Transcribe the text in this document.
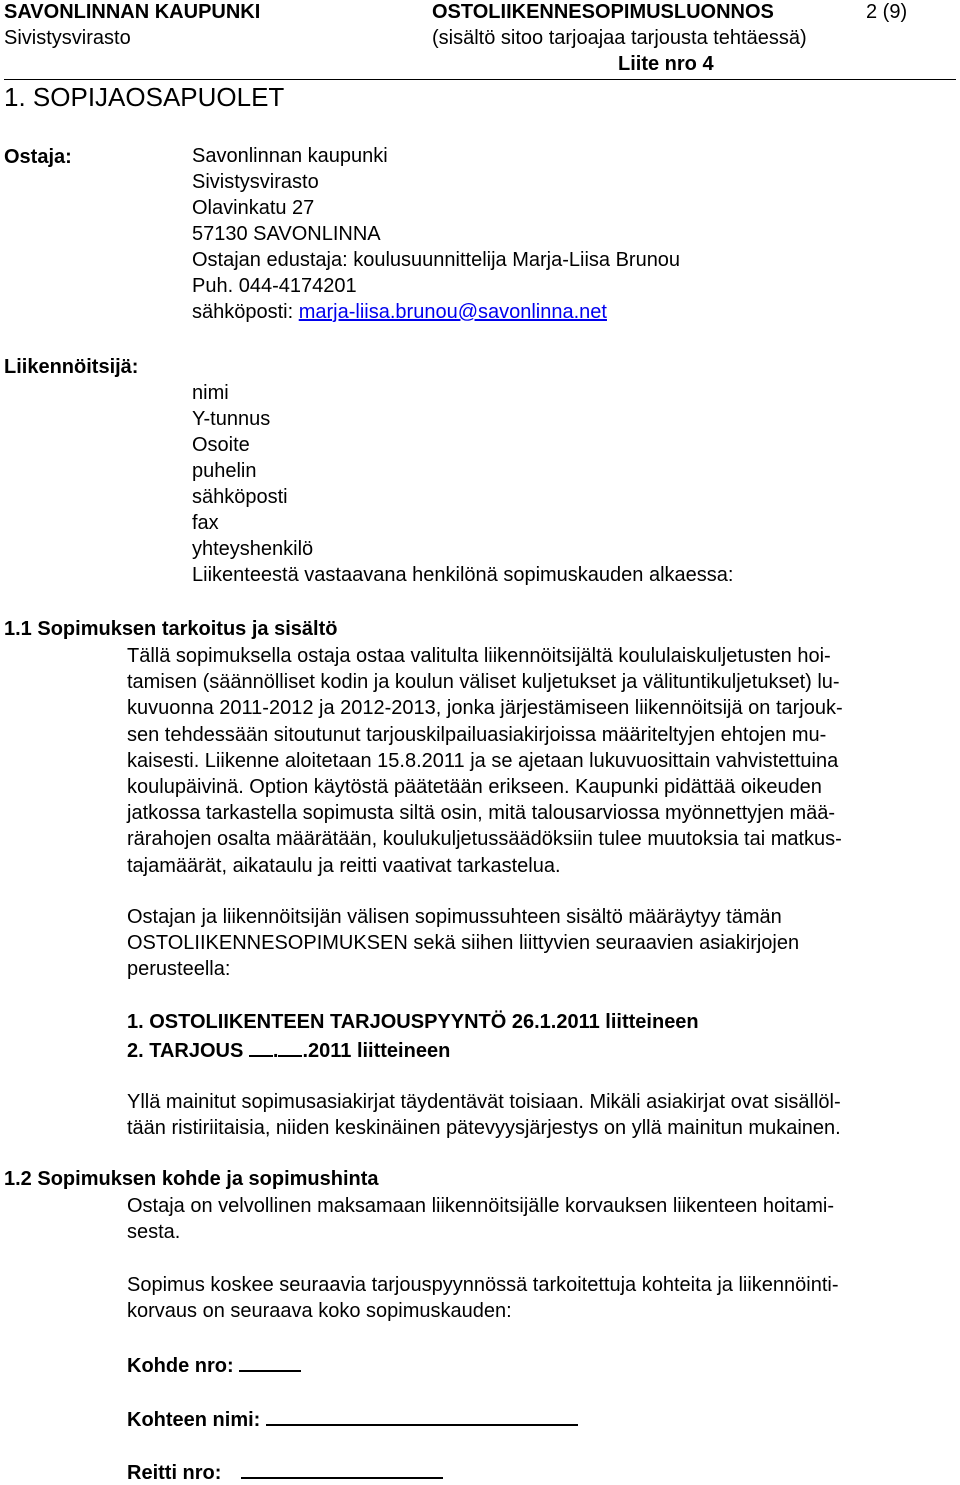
SAVONLINNAN KAUPUNKI
Sivistysvirasto
OSTOLIIKENNESOPIMUSLUONNOS	2 (9)
(sisältö sitoo tarjoajaa tarjousta tehtäessä)
Liite nro 4
1. SOPIJAOSAPUOLET
Ostaja:	Savonlinnan kaupunki
Sivistysvirasto
Olavinkatu 27
57130 SAVONLINNA
Ostajan edustaja: koulusuunnittelija Marja-Liisa Brunou
Puh. 044-4174201
sähköposti: marja-liisa.brunou@savonlinna.net
Liikennöitsijä:
nimi
Y-tunnus
Osoite
puhelin
sähköposti
fax
yhteyshenkilö
Liikenteestä vastaavana henkilönä sopimuskauden alkaessa:
1.1 Sopimuksen tarkoitus ja sisältö
Tällä sopimuksella ostaja ostaa valitulta liikennöitsijältä koululaiskuljetusten hoi-
tamisen (säännölliset kodin ja koulun väliset kuljetukset ja välituntikuljetukset) lu-
kuvuonna 2011-2012 ja 2012-2013, jonka järjestämiseen liikennöitsijä on tarjouk-
sen tehdessään sitoutunut tarjouskilpailuasiakirjoissa määriteltyjen ehtojen mu-
kaisesti. Liikenne aloitetaan 15.8.2011 ja se ajetaan lukuvuosittain vahvistettuina
koulupäivinä. Option käytöstä päätetään erikseen. Kaupunki pidättää oikeuden
jatkossa tarkastella sopimusta siltä osin, mitä talousarviossa myönnettyjen mää-
rärahojen osalta määrätään, koulukuljetussäädöksiin tulee muutoksia tai matkus-
tajamäärät, aikataulu ja reitti vaativat tarkastelua.
Ostajan ja liikennöitsijän välisen sopimussuhteen sisältö määräytyy tämän
OSTOLIIKENNESOPIMUKSEN sekä siihen liittyvien seuraavien asiakirjojen
perusteella:
1. OSTOLIIKENTEEN TARJOUSPYYNTÖ 26.1.2011 liitteineen
2. TARJOUS . .2011 liitteineen
Yllä mainitut sopimusasiakirjat täydentävät toisiaan. Mikäli asiakirjat ovat sisällöl-
tään ristiriitaisia, niiden keskinäinen pätevyysjärjestys on yllä mainitun mukainen.
1.2 Sopimuksen kohde ja sopimushinta
Ostaja on velvollinen maksamaan liikennöitsijälle korvauksen liikenteen hoitami-
sesta.
Sopimus koskee seuraavia tarjouspyynnössä tarkoitettuja kohteita ja liikennöinti-
korvaus on seuraava koko sopimuskauden:
Kohde nro:
Kohteen nimi:
Reitti nro:
